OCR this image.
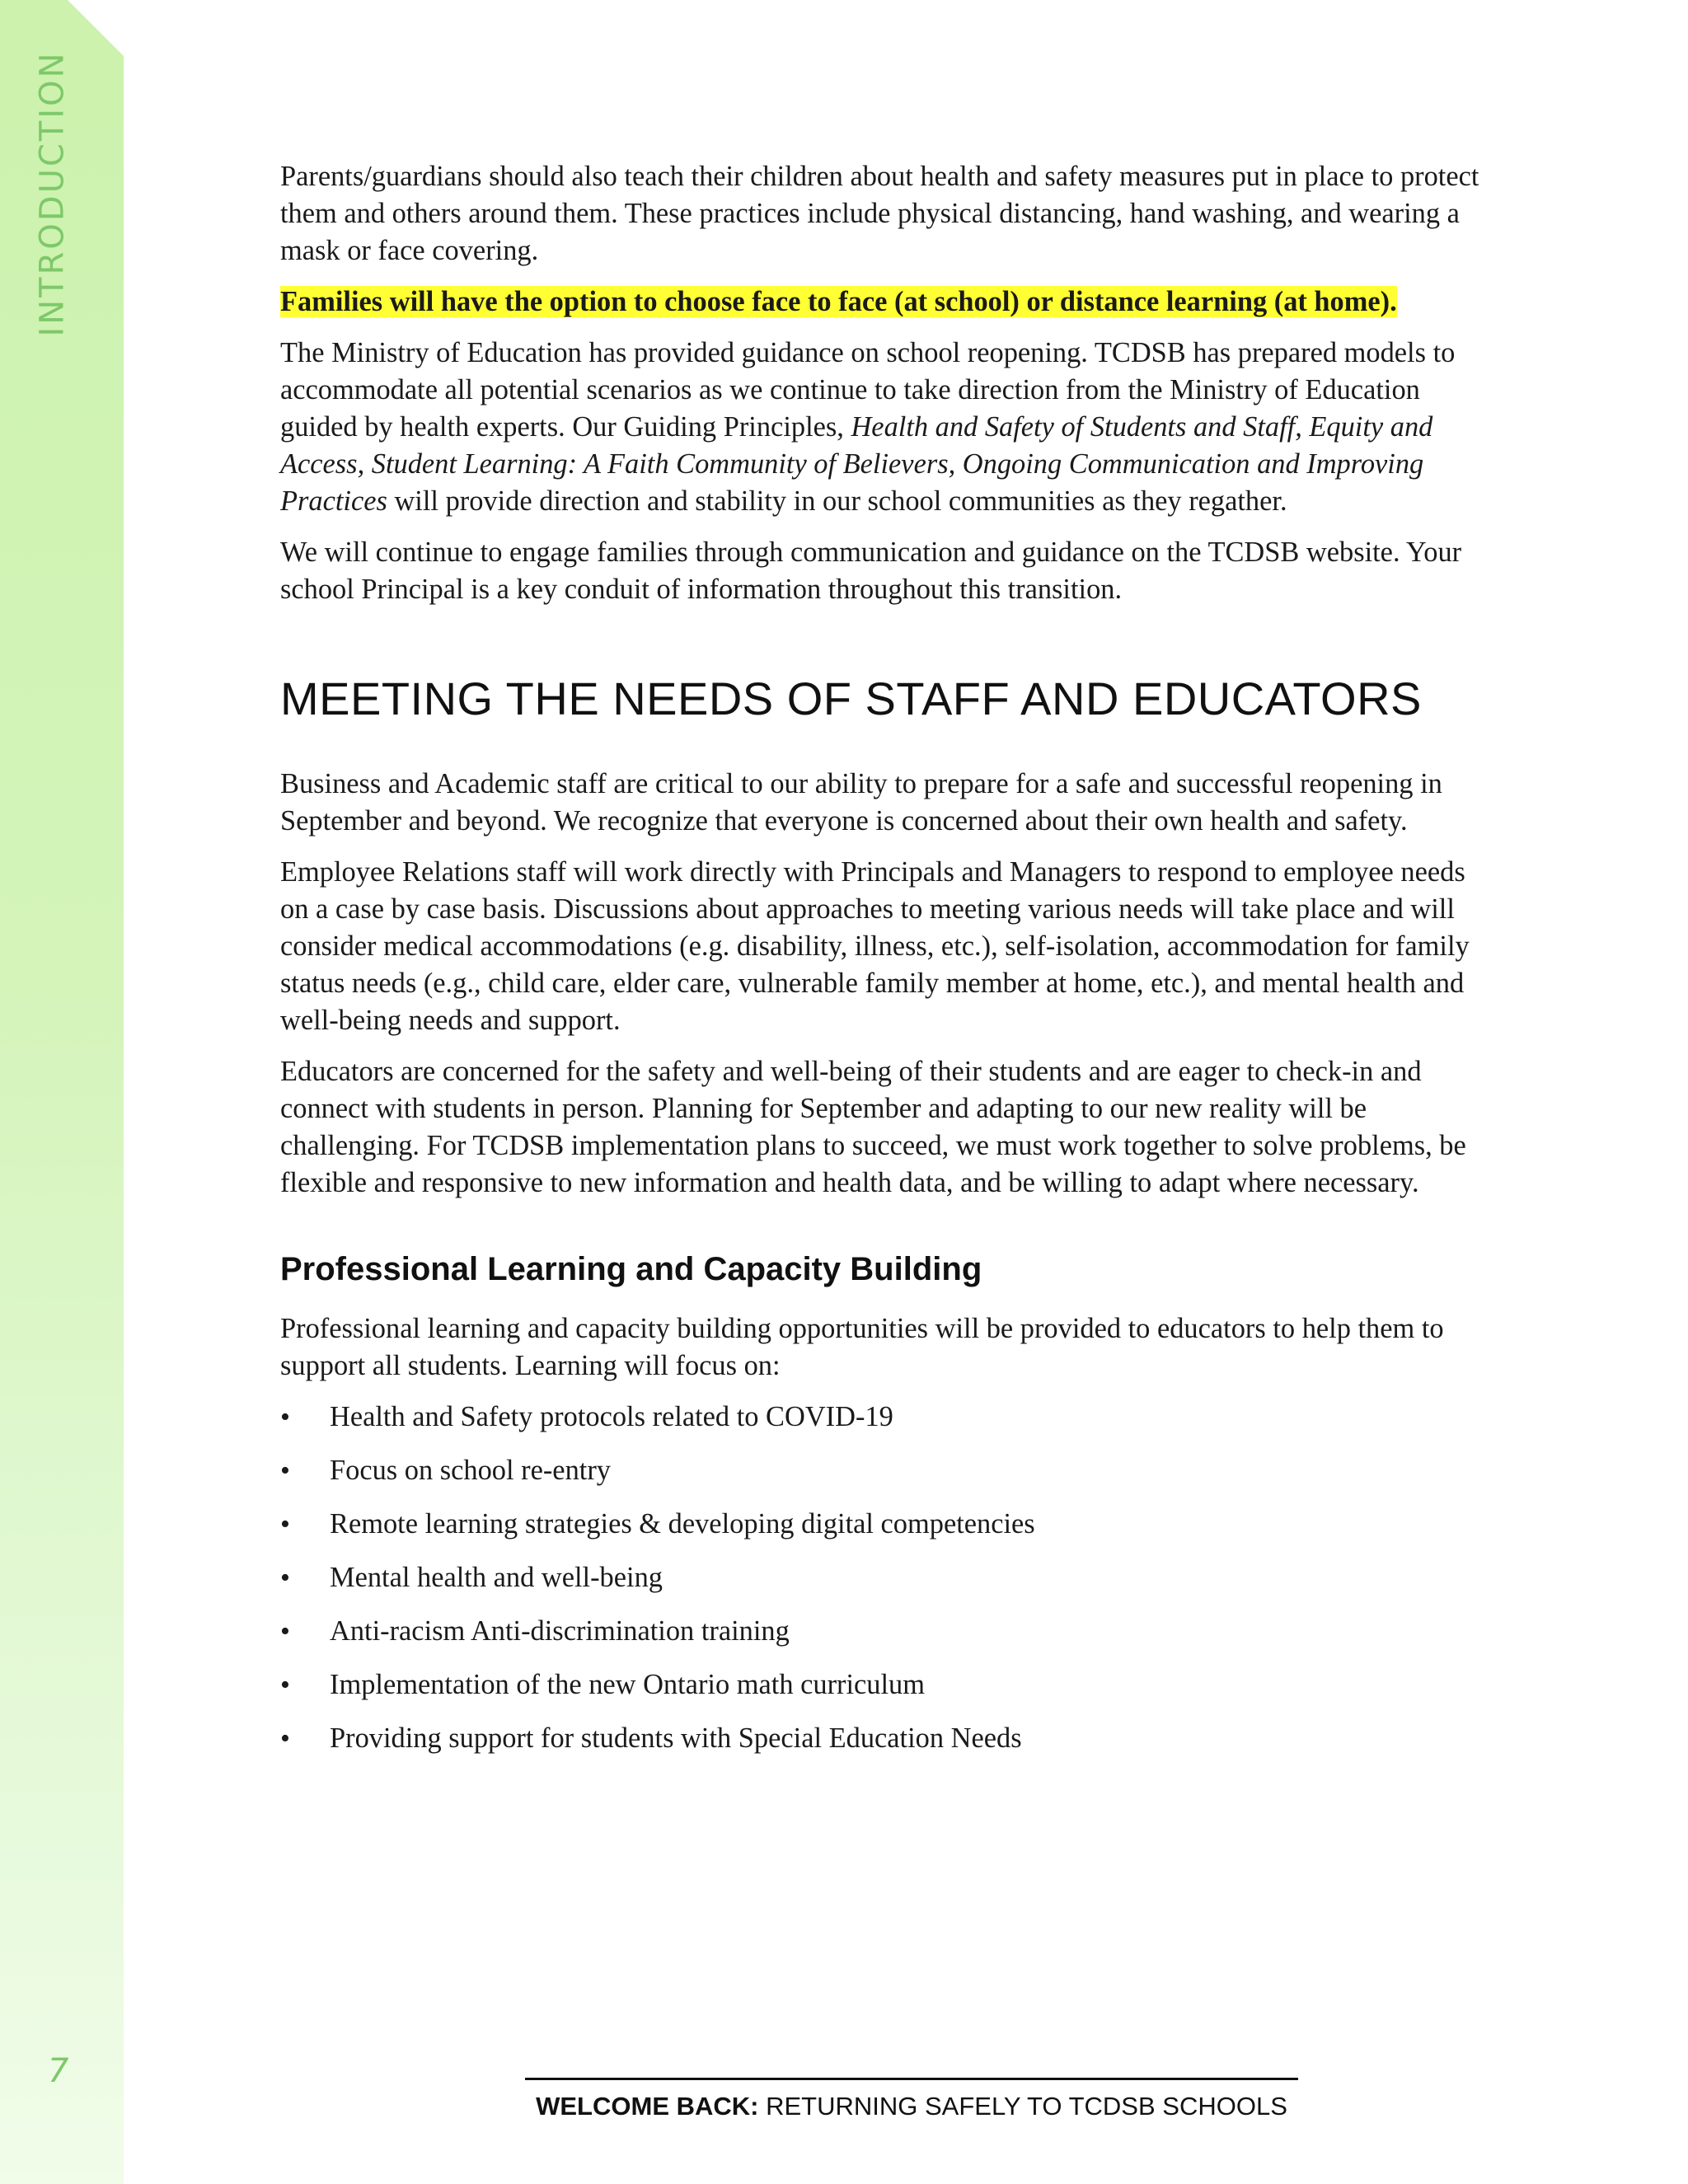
INTRODUCTION
7

Parents/guardians should also teach their children about health and safety measures put in place to protect them and others around them. These practices include physical distancing, hand washing, and wearing a mask or face covering.

Families will have the option to choose face to face (at school) or distance learning (at home).

The Ministry of Education has provided guidance on school reopening. TCDSB has prepared models to accommodate all potential scenarios as we continue to take direction from the Ministry of Education guided by health experts. Our Guiding Principles, Health and Safety of Students and Staff, Equity and Access, Student Learning: A Faith Community of Believers, Ongoing Communication and Improving Practices will provide direction and stability in our school communities as they regather.

We will continue to engage families through communication and guidance on the TCDSB website. Your school Principal is a key conduit of information throughout this transition.

MEETING THE NEEDS OF STAFF AND EDUCATORS

Business and Academic staff are critical to our ability to prepare for a safe and successful reopening in September and beyond. We recognize that everyone is concerned about their own health and safety.

Employee Relations staff will work directly with Principals and Managers to respond to employee needs on a case by case basis. Discussions about approaches to meeting various needs will take place and will consider medical accommodations (e.g. disability, illness, etc.), self-isolation, accommodation for family status needs (e.g., child care, elder care, vulnerable family member at home, etc.), and mental health and well-being needs and support.

Educators are concerned for the safety and well-being of their students and are eager to check-in and connect with students in person. Planning for September and adapting to our new reality will be challenging. For TCDSB implementation plans to succeed, we must work together to solve problems, be flexible and responsive to new information and health data, and be willing to adapt where necessary.

Professional Learning and Capacity Building

Professional learning and capacity building opportunities will be provided to educators to help them to support all students. Learning will focus on:

• Health and Safety protocols related to COVID-19
• Focus on school re-entry
• Remote learning strategies & developing digital competencies
• Mental health and well-being
• Anti-racism Anti-discrimination training
• Implementation of the new Ontario math curriculum
• Providing support for students with Special Education Needs
WELCOME BACK: RETURNING SAFELY TO TCDSB SCHOOLS
